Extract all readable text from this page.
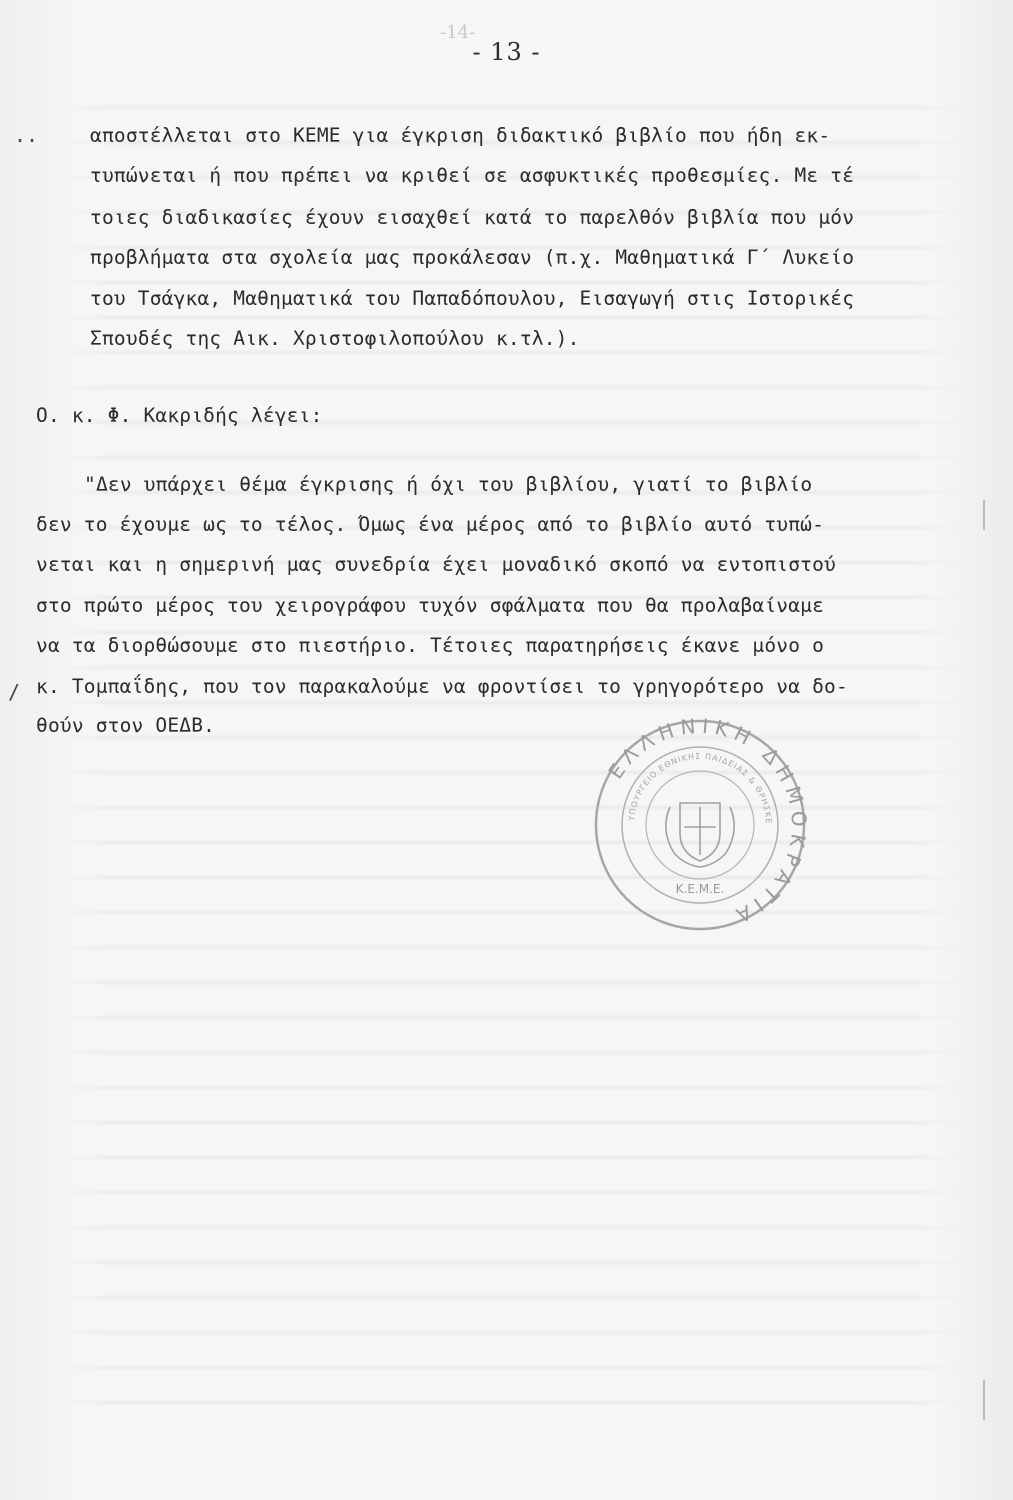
-14-
- 13 -
..
/
αποστέλλεται στο ΚΕΜΕ για έγκριση διδακτικό βιβλίο που ήδη εκ-
τυπώνεται ή που πρέπει να κριθεί σε ασφυκτικές προθεσμίες. Με τέ
τοιες διαδικασίες έχουν εισαχθεί κατά το παρελθόν βιβλία που μόν
προβλήματα στα σχολεία μας προκάλεσαν (π.χ. Μαθηματικά Γ΄ Λυκείο
του Τσάγκα, Μαθηματικά του Παπαδόπουλου, Εισαγωγή στις Ιστορικές
Σπουδές της Αικ. Χριστοφιλοπούλου κ.τλ.).
Ο. κ. Φ. Κακριδής λέγει:
"Δεν υπάρχει θέμα έγκρισης ή όχι του βιβλίου, γιατί το βιβλίο
δεν το έχουμε ως το τέλος. Όμως ένα μέρος από το βιβλίο αυτό τυπώ-
νεται και η σημερινή μας συνεδρία έχει μοναδικό σκοπό να εντοπιστού
στο πρώτο μέρος του χειρογράφου τυχόν σφάλματα που θα προλαβαίναμε
να τα διορθώσουμε στο πιεστήριο. Τέτοιες παρατηρήσεις έκανε μόνο ο
κ. Τομπαΐδης, που τον παρακαλούμε να φροντίσει το γρηγορότερο να δο-
θούν στον ΟΕΔΒ.
ΕΛΛΗΝΙΚΗ ΔΗΜΟΚΡΑΤΙΑ
ΥΠΟΥΡΓΕΙΟ ΕΘΝΙΚΗΣ ΠΑΙΔΕΙΑΣ & ΘΡΗΣΚΕ
Κ.Ε.Μ.Ε.
